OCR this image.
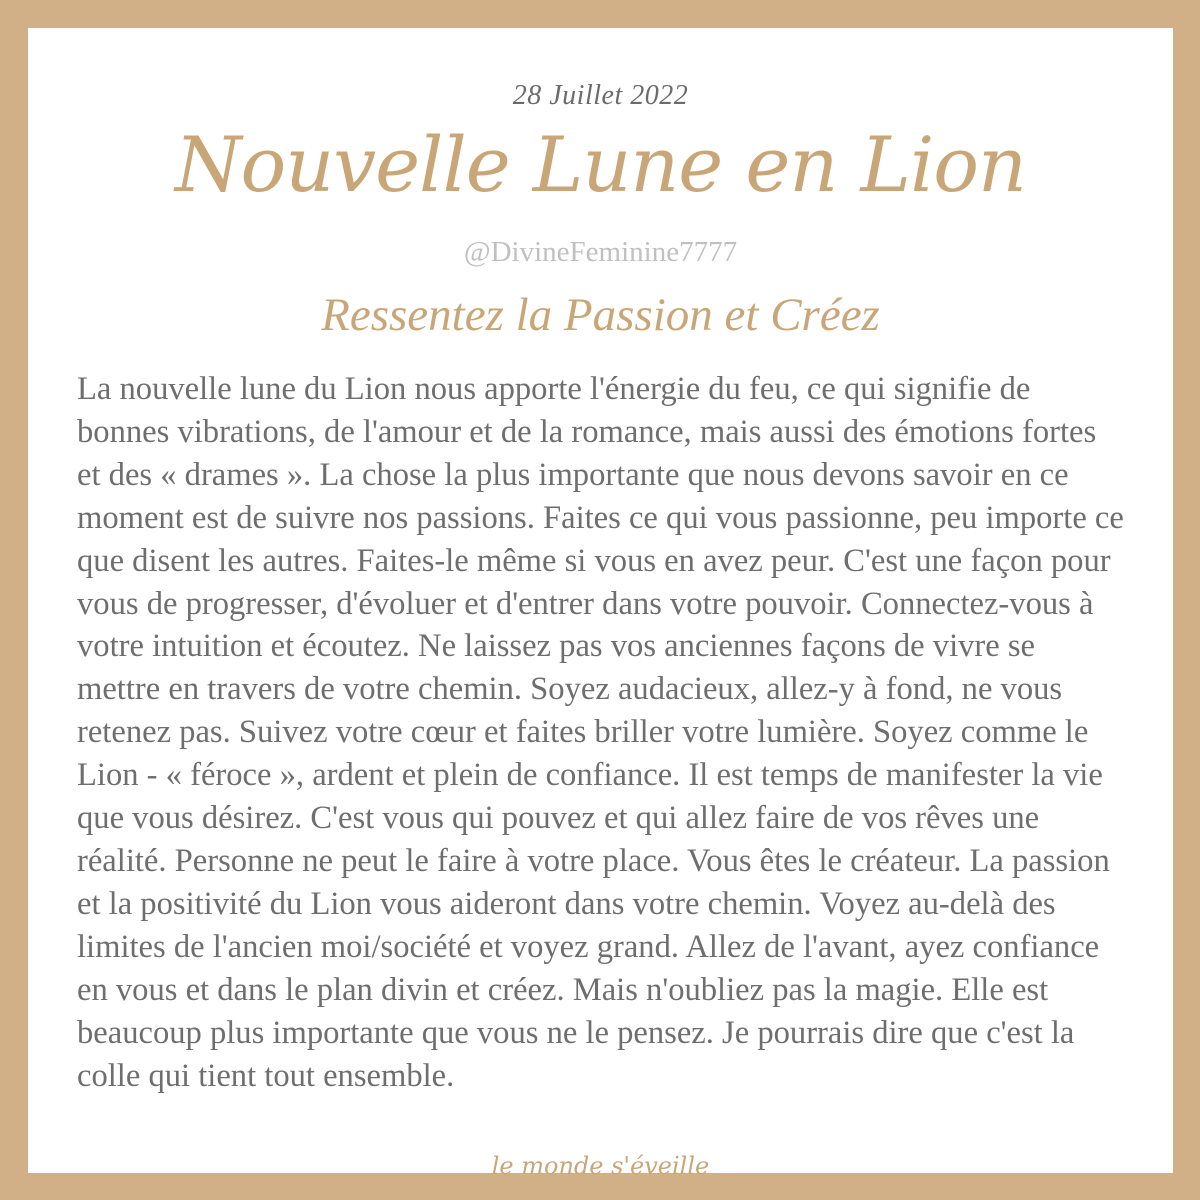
28 Juillet 2022
Nouvelle Lune en Lion
@DivineFeminine7777
Ressentez la Passion et Créez

La nouvelle lune du Lion nous apporte l'énergie du feu, ce qui signifie de bonnes vibrations, de l'amour et de la romance, mais aussi des émotions fortes et des « drames ». La chose la plus importante que nous devons savoir en ce moment est de suivre nos passions. Faites ce qui vous passionne, peu importe ce que disent les autres. Faites-le même si vous en avez peur. C'est une façon pour vous de progresser, d'évoluer et d'entrer dans votre pouvoir. Connectez-vous à votre intuition et écoutez. Ne laissez pas vos anciennes façons de vivre se mettre en travers de votre chemin. Soyez audacieux, allez-y à fond, ne vous retenez pas. Suivez votre cœur et faites briller votre lumière. Soyez comme le Lion - « féroce », ardent et plein de confiance. Il est temps de manifester la vie que vous désirez. C'est vous qui pouvez et qui allez faire de vos rêves une réalité. Personne ne peut le faire à votre place. Vous êtes le créateur. La passion et la positivité du Lion vous aideront dans votre chemin. Voyez au-delà des limites de l'ancien moi/société et voyez grand. Allez de l'avant, ayez confiance en vous et dans le plan divin et créez. Mais n'oubliez pas la magie. Elle est beaucoup plus importante que vous ne le pensez. Je pourrais dire que c'est la colle qui tient tout ensemble.

le monde s'éveille
